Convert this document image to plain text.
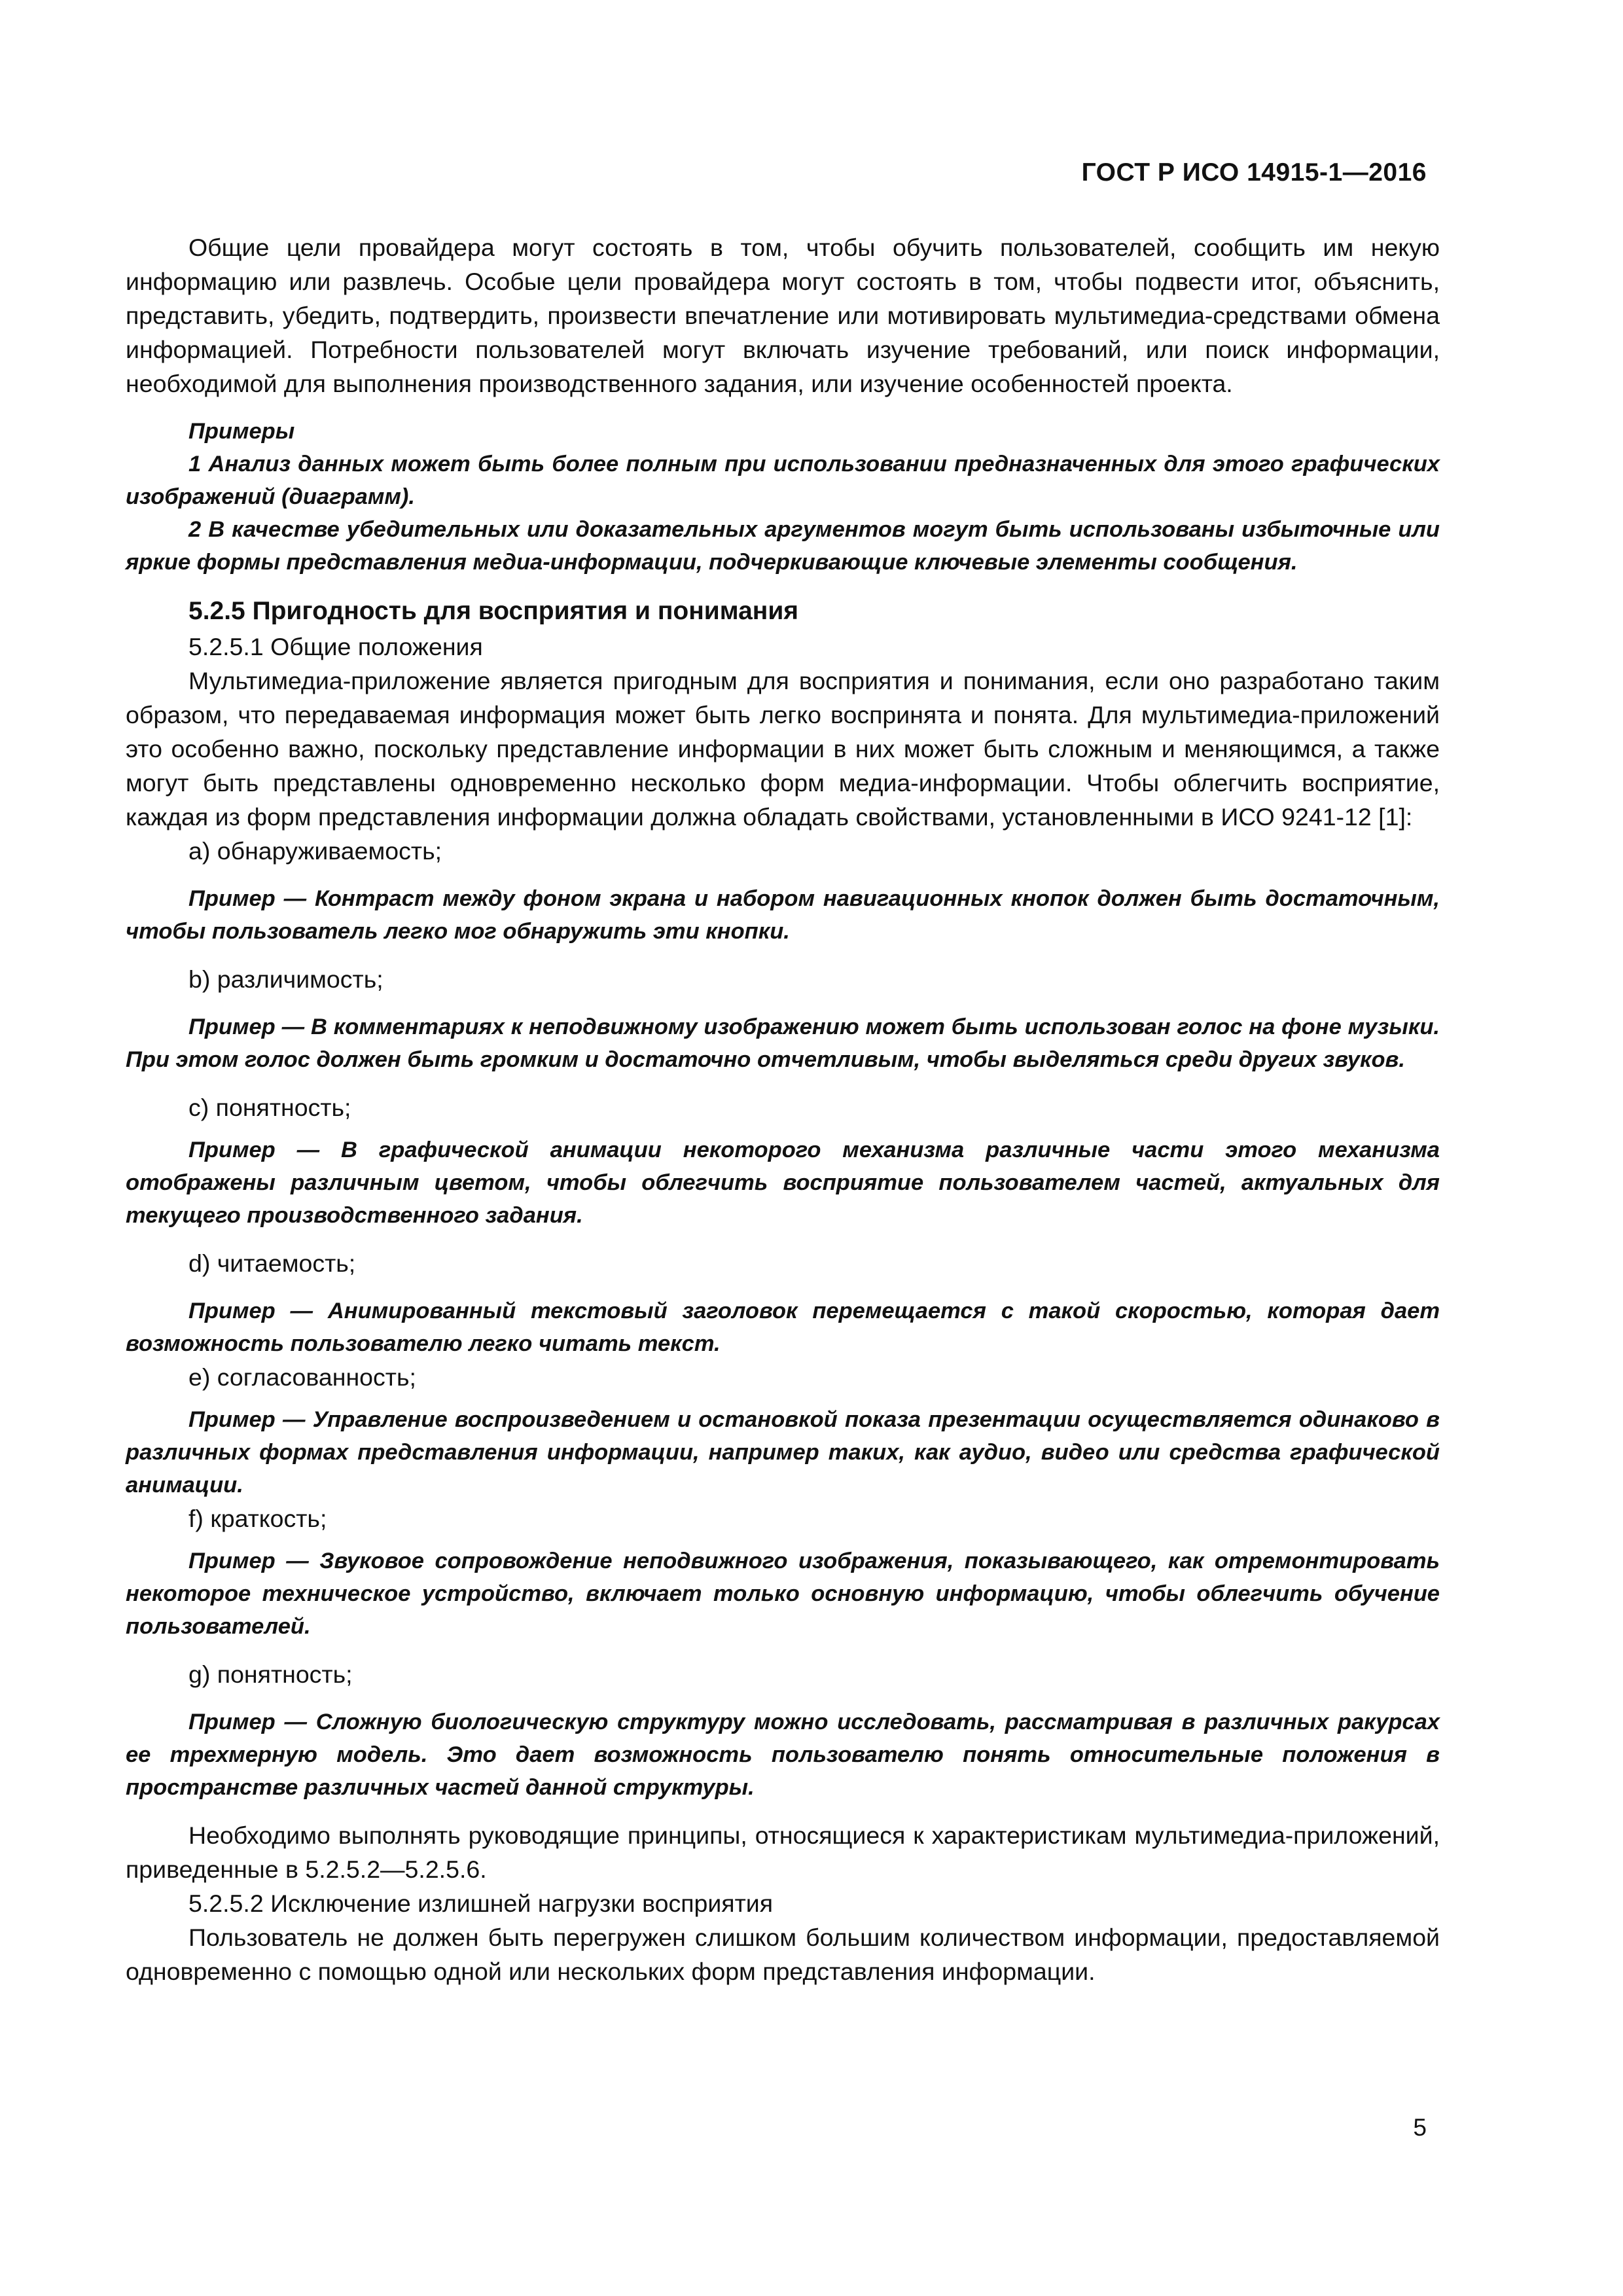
ГОСТ Р ИСО 14915-1—2016

Общие цели провайдера могут состоять в том, чтобы обучить пользователей, сообщить им некую информацию или развлечь. Особые цели провайдера могут состоять в том, чтобы подвести итог, объяснить, представить, убедить, подтвердить, произвести впечатление или мотивировать мультимедиа-средствами обмена информацией. Потребности пользователей могут включать изучение требований, или поиск информации, необходимой для выполнения производственного задания, или изучение особенностей проекта.

Примеры

1 Анализ данных может быть более полным при использовании предназначенных для этого графических изображений (диаграмм).

2 В качестве убедительных или доказательных аргументов могут быть использованы избыточные или яркие формы представления медиа-информации, подчеркивающие ключевые элементы сообщения.

5.2.5 Пригодность для восприятия и понимания

5.2.5.1 Общие положения

Мультимедиа-приложение является пригодным для восприятия и понимания, если оно разработано таким образом, что передаваемая информация может быть легко воспринята и понята. Для мультимедиа-приложений это особенно важно, поскольку представление информации в них может быть сложным и меняющимся, а также могут быть представлены одновременно несколько форм медиа-информации. Чтобы облегчить восприятие, каждая из форм представления информации должна обладать свойствами, установленными в ИСО 9241-12 [1]:

a) обнаруживаемость;

Пример — Контраст между фоном экрана и набором навигационных кнопок должен быть достаточным, чтобы пользователь легко мог обнаружить эти кнопки.

b) различимость;

Пример — В комментариях к неподвижному изображению может быть использован голос на фоне музыки. При этом голос должен быть громким и достаточно отчетливым, чтобы выделяться среди других звуков.

c) понятность;

Пример — В графической анимации некоторого механизма различные части этого механизма отображены различным цветом, чтобы облегчить восприятие пользователем частей, актуальных для текущего производственного задания.

d) читаемость;

Пример — Анимированный текстовый заголовок перемещается с такой скоростью, которая дает возможность пользователю легко читать текст.

e) согласованность;

Пример — Управление воспроизведением и остановкой показа презентации осуществляется одинаково в различных формах представления информации, например таких, как аудио, видео или средства графической анимации.

f) краткость;

Пример — Звуковое сопровождение неподвижного изображения, показывающего, как отремонтировать некоторое техническое устройство, включает только основную информацию, чтобы облегчить обучение пользователей.

g) понятность;

Пример — Сложную биологическую структуру можно исследовать, рассматривая в различных ракурсах ее трехмерную модель. Это дает возможность пользователю понять относительные положения в пространстве различных частей данной структуры.

Необходимо выполнять руководящие принципы, относящиеся к характеристикам мультимедиа-приложений, приведенные в 5.2.5.2—5.2.5.6.

5.2.5.2 Исключение излишней нагрузки восприятия

Пользователь не должен быть перегружен слишком большим количеством информации, предоставляемой одновременно с помощью одной или нескольких форм представления информации.

5
